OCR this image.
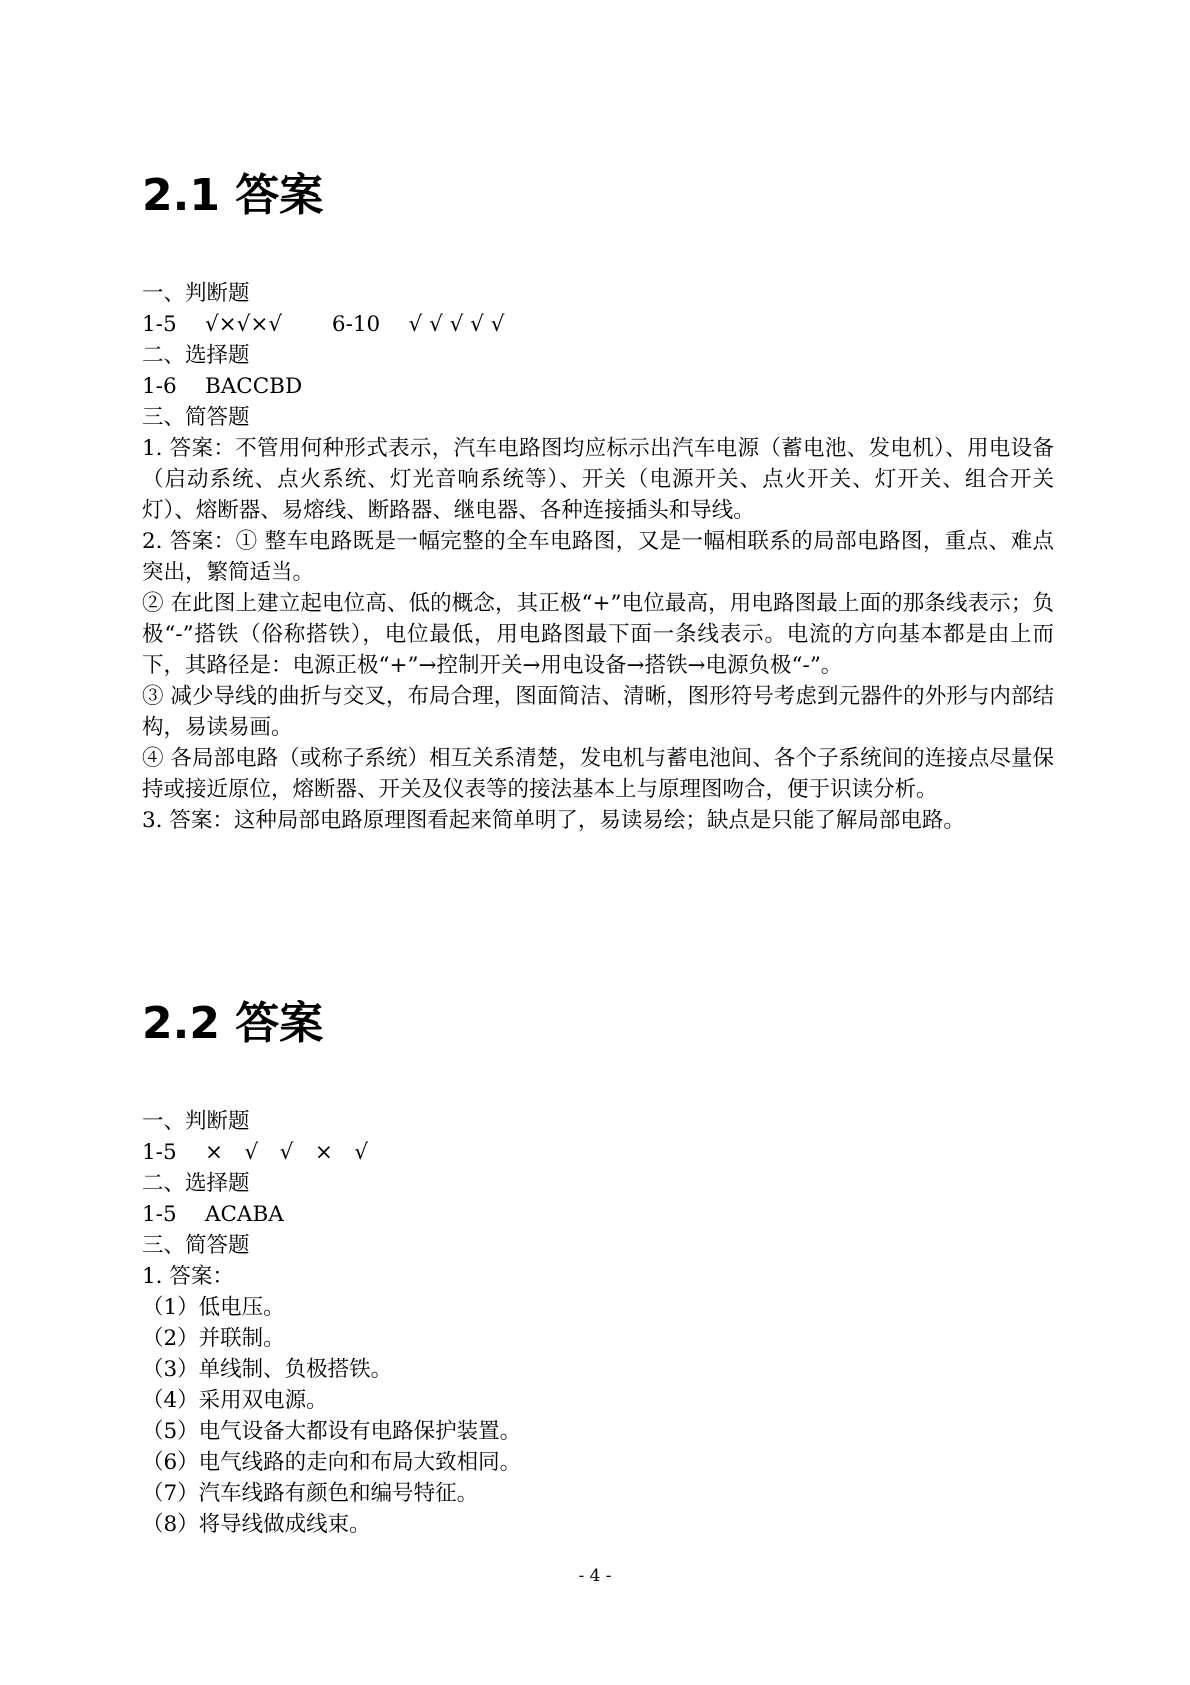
2.1 答案
一、判断题
1-5　 √×√×√　　 6-10　 √ √ √ √ √
二、选择题
1-6　 BACCBD
三、简答题
1. 答案：不管用何种形式表示，汽车电路图均应标示出汽车电源（蓄电池、发电机）、用电设备（启动系统、点火系统、灯光音响系统等）、开关（电源开关、点火开关、灯开关、组合开关灯）、熔断器、易熔线、断路器、继电器、各种连接插头和导线。
2. 答案：① 整车电路既是一幅完整的全车电路图，又是一幅相联系的局部电路图，重点、难点突出，繁简适当。
② 在此图上建立起电位高、低的概念，其正极“+”电位最高，用电路图最上面的那条线表示；负极“-”搭铁（俗称搭铁），电位最低，用电路图最下面一条线表示。电流的方向基本都是由上而下，其路径是：电源正极“+”→控制开关→用电设备→搭铁→电源负极“-”。
③ 减少导线的曲折与交叉，布局合理，图面简洁、清晰，图形符号考虑到元器件的外形与内部结构，易读易画。
④ 各局部电路（或称子系统）相互关系清楚，发电机与蓄电池间、各个子系统间的连接点尽量保持或接近原位，熔断器、开关及仪表等的接法基本上与原理图吻合，便于识读分析。
3. 答案：这种局部电路原理图看起来简单明了，易读易绘；缺点是只能了解局部电路。
2.2 答案
一、判断题
1-5　 ×　√　√　×　√
二、选择题
1-5　 ACABA
三、简答题
1. 答案：
（1）低电压。
（2）并联制。
（3）单线制、负极搭铁。
（4）采用双电源。
（5）电气设备大都设有电路保护装置。
（6）电气线路的走向和布局大致相同。
（7）汽车线路有颜色和编号特征。
（8）将导线做成线束。
- 4 -
